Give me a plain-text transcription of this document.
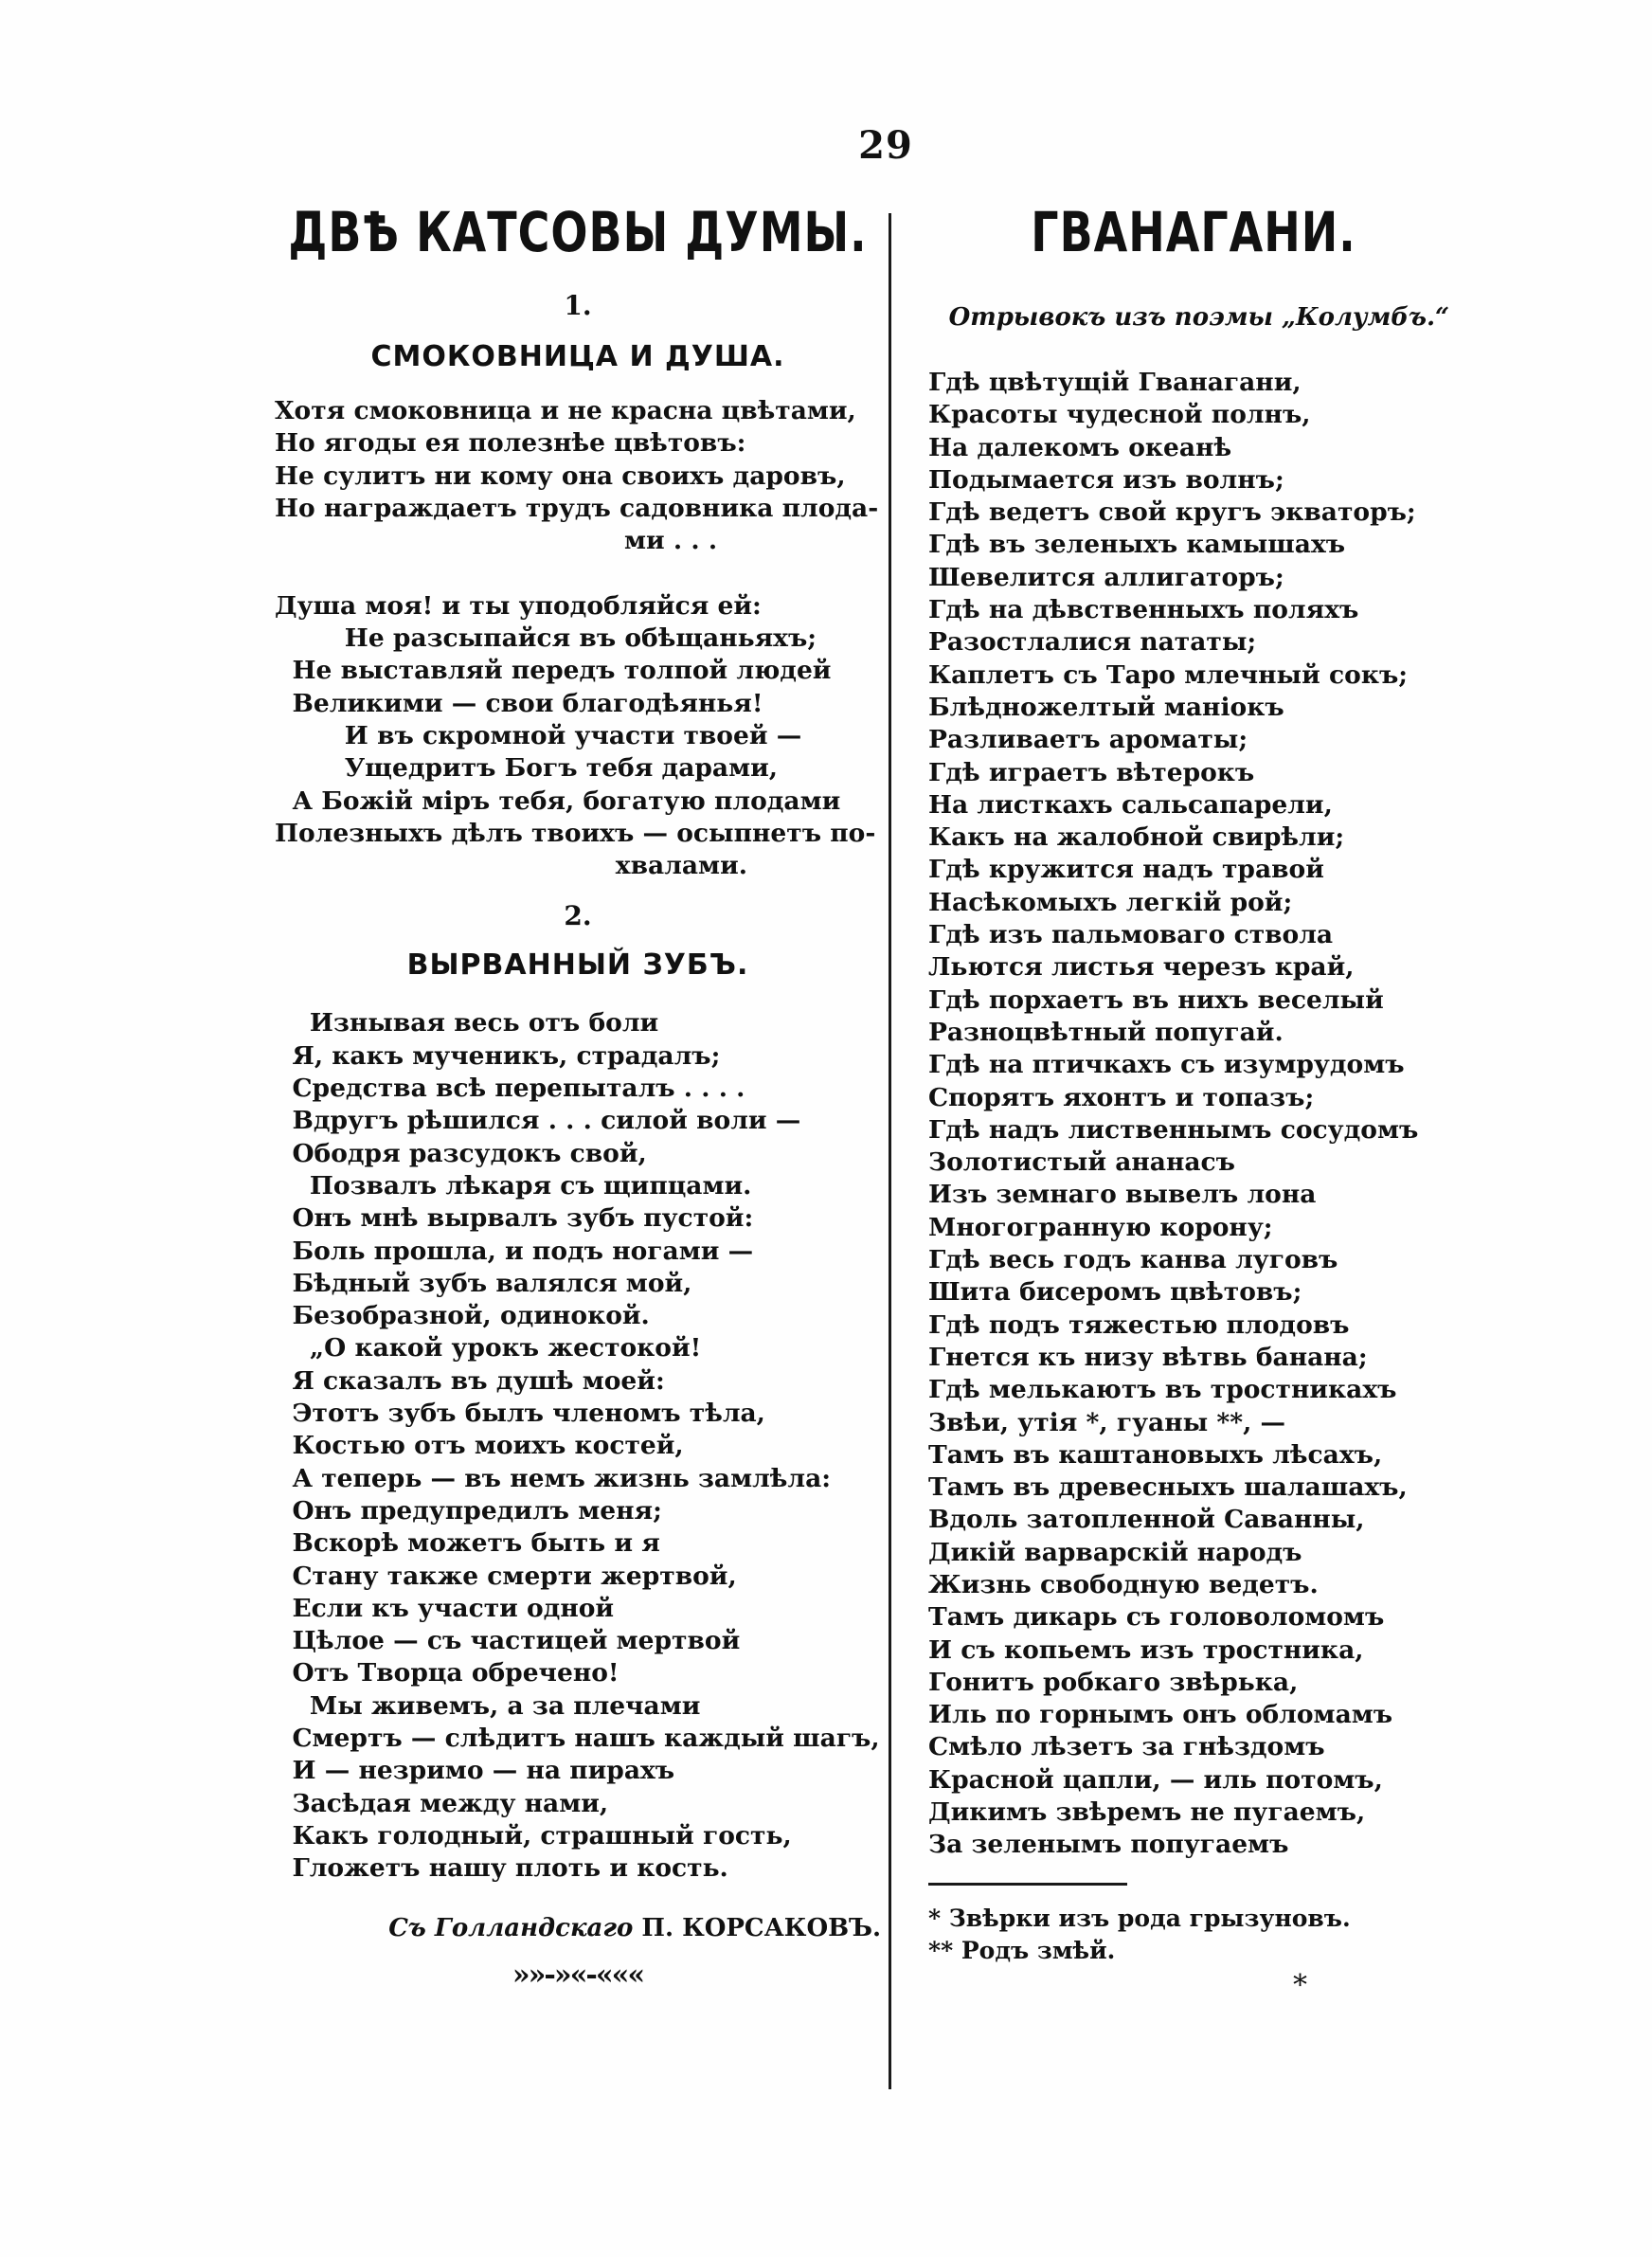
29
ДВѢ КАТСОВЫ ДУМЫ.
1.
СМОКОВНИЦА И ДУША.
Хотя смоковница и не красна цвѣтами,
Но ягоды ея полезнѣе цвѣтовъ:
Не сулитъ ни кому она своихъ даровъ,
Но награждаетъ трудъ садовника плода-
ми . . .
Душа моя! и ты уподобляйся ей:
Не разсыпайся въ обѣщаньяхъ;
Не выставляй передъ толпой людей
Великими — свои благодѣянья!
И въ скромной участи твоей —
Ущедритъ Богъ тебя дарами,
А Божій міръ тебя, богатую плодами
Полезныхъ дѣлъ твоихъ — осыпнетъ по-
хвалами.
2.
ВЫРВАННЫЙ ЗУБЪ.
Изнывая весь отъ боли
Я, какъ мученикъ, страдалъ;
Средства всѣ перепыталъ . . . .
Вдругъ рѣшился . . . силой воли —
Ободря разсудокъ свой,
Позвалъ лѣкаря съ щипцами.
Онъ мнѣ вырвалъ зубъ пустой:
Боль прошла, и подъ ногами —
Бѣдный зубъ валялся мой,
Безобразной, одинокой.
„О какой урокъ жестокой!
Я сказалъ въ душѣ моей:
Этотъ зубъ былъ членомъ тѣла,
Костью отъ моихъ костей,
А теперь — въ немъ жизнь замлѣла:
Онъ предупредилъ меня;
Вскорѣ можетъ быть и я
Стану также смерти жертвой,
Если къ участи одной
Цѣлое — съ частицей мертвой
Отъ Творца обречено!
Мы живемъ, а за плечами
Смертъ — слѣдитъ нашъ каждый шагъ,
И — незримо — на пирахъ
Засѣдая между нами,
Какъ голодный, страшный гость,
Гложетъ нашу плоть и кость.
Съ Голландскаго П. КОРСАКОВЪ.
»»-»«-«««
ГВАНАГАНИ.
Отрывокъ изъ поэмы „Колумбъ.“
Гдѣ цвѣтущій Гванагани,
Красоты чудесной полнъ,
На далекомъ океанѣ
Подымается изъ волнъ;
Гдѣ ведетъ свой кругъ экваторъ;
Гдѣ въ зеленыхъ камышахъ
Шевелится аллигаторъ;
Гдѣ на дѣвственныхъ поляхъ
Разостлалися nататы;
Каплетъ съ Таро млечный сокъ;
Блѣдножелтый маніокъ
Разливаетъ ароматы;
Гдѣ играетъ вѣтерокъ
На листкахъ сальсапарели,
Какъ на жалобной свирѣли;
Гдѣ кружится надъ травой
Насѣкомыхъ легкій рой;
Гдѣ изъ пальмоваго ствола
Льются листья черезъ край,
Гдѣ порхаетъ въ нихъ веселый
Разноцвѣтный попугай.
Гдѣ на птичкахъ съ изумрудомъ
Спорятъ яхонтъ и топазъ;
Гдѣ надъ лиственнымъ сосудомъ
Золотистый ананасъ
Изъ земнаго вывелъ лона
Многогранную корону;
Гдѣ весь годъ канва луговъ
Шита бисеромъ цвѣтовъ;
Гдѣ подъ тяжестью плодовъ
Гнется къ низу вѣтвь банана;
Гдѣ мелькаютъ въ тростникахъ
Звѣи, утія *, гуаны **, —
Тамъ въ каштановыхъ лѣсахъ,
Тамъ въ древесныхъ шалашахъ,
Вдоль затопленной Саванны,
Дикій варварскій народъ
Жизнь свободную ведетъ.
Тамъ дикарь съ головоломомъ
И съ копьемъ изъ тростника,
Гонитъ робкаго звѣрька,
Иль по горнымъ онъ обломамъ
Смѣло лѣзетъ за гнѣздомъ
Красной цапли, — иль потомъ,
Дикимъ звѣремъ не пугаемъ,
За зеленымъ попугаемъ
* Звѣрки изъ рода грызуновъ.
** Родъ змѣй.
*
